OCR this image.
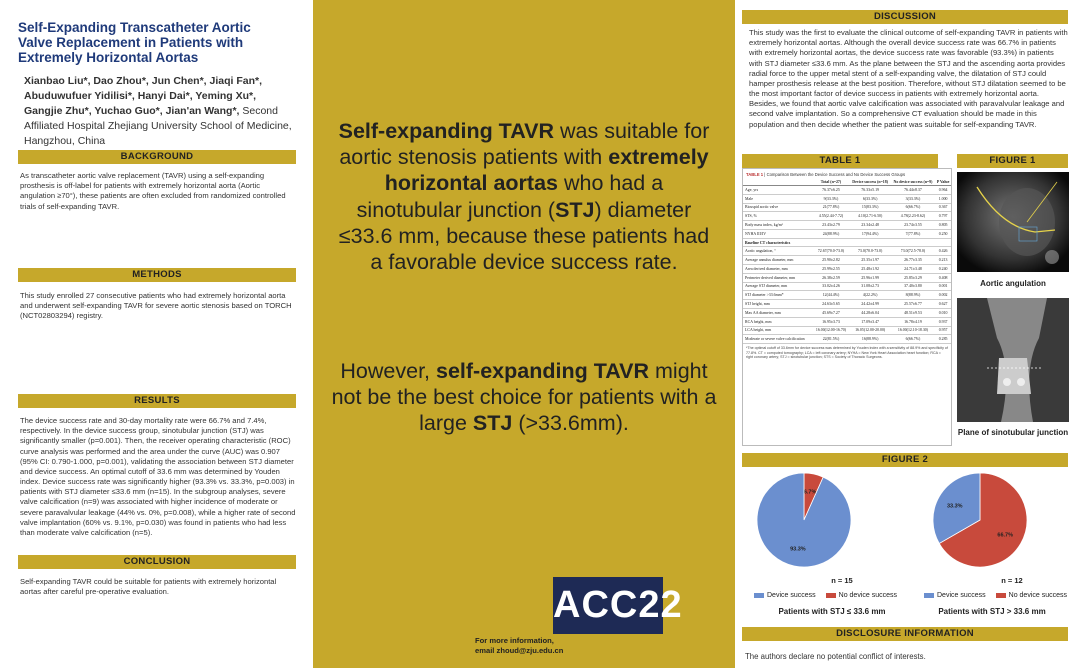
Self-Expanding Transcatheter Aortic Valve Replacement in Patients with Extremely Horizontal Aortas
Xianbao Liu*, Dao Zhou*, Jun Chen*, Jiaqi Fan*, Abuduwufuer Yidilisi*, Hanyi Dai*, Yeming Xu*, Gangjie Zhu*, Yuchao Guo*, Jian'an Wang*, Second Affiliated Hospital Zhejiang University School of Medicine, Hangzhou, China
BACKGROUND
As transcatheter aortic valve replacement (TAVR) using a self-expanding prosthesis is off-label for patients with extremely horizontal aorta (Aortic angulation ≥70°), these patients are often excluded from randomized controlled trials of self-expanding TAVR.
METHODS
This study enrolled 27 consecutive patients who had extremely horizontal aorta and underwent self-expanding TAVR for severe aortic stenosis based on TORCH (NCT02803294) registry.
RESULTS
The device success rate and 30-day mortality rate were 66.7% and 7.4%, respectively. In the device success group, sinotubular junction (STJ) was significantly smaller (p=0.001). Then, the receiver operating characteristic (ROC) curve analysis was performed and the area under the curve (AUC) was 0.907 (95% CI: 0.790-1.000, p=0.001), validating the association between STJ diameter and device success. An optimal cutoff of 33.6 mm was determined by Youden index. Device success rate was significantly higher (93.3% vs. 33.3%, p=0.003) in patients with STJ diameter ≤33.6 mm (n=15). In the subgroup analyses, severe valve calcification (n=9) was associated with higher incidence of moderate or severe paravalvular leakage (44% vs. 0%, p=0.008), while a higher rate of second valve implantation (60% vs. 9.1%, p=0.030) was found in patients who had less than moderate valve calcification (n=5).
CONCLUSION
Self-expanding TAVR could be suitable for patients with extremely horizontal aortas after careful pre-operative evaluation.
Self-expanding TAVR was suitable for aortic stenosis patients with extremely horizontal aortas who had a sinotubular junction (STJ) diameter ≤33.6 mm, because these patients had a favorable device success rate.
However, self-expanding TAVR might not be the best choice for patients with a large STJ (>33.6mm).
ACC22
For more information,
email zhoud@zju.edu.cn
DISCUSSION
This study was the first to evaluate the clinical outcome of self-expanding TAVR in patients with extremely horizontal aortas. Although the overall device success rate was 66.7% in patients with extremely horizontal aortas, the device success rate was favorable (93.3%) in patients with STJ diameter ≤33.6 mm. As the plane between the STJ and the ascending aorta provides radial force to the upper metal stent of a self-expanding valve, the dilatation of STJ could hamper prosthesis release at the best position. Therefore, without STJ dilatation seemed to be the most important factor of device success in patients with extremely horizontal aorta. Besides, we found that aortic valve calcification was associated with paravalvular leakage and second valve implantation. So a comprehensive CT evaluation should be made in this population and then decide whether the patient was suitable for self-expanding TAVR.
TABLE 1	FIGURE 1
TABLE 1 | Comparison Between the Device Success and No Device Success Groups
	Total (n=27)	Device success (n=18)	No device success (n=9)	P Value
Age, yrs	76.37±6.25	76.33±5.19	76.44±8.37	0.964
Male	9(33.3%)	6(33.3%)	3(33.3%)	1.000
Bicuspid aortic valve	21(77.8%)	15(83.3%)	6(66.7%)	0.367
STS, %	4.55(2.44-7.72)	4.10(2.71-6.50)	4.78(2.23-8.62)	0.797
Body mass index, kg/m²	23.43±2.79	23.34±2.48	23.74±3.55	0.805
NYHA III/IV	24(88.9%)	17(94.4%)	7(77.8%)	0.250
Baseline CT characteristics				
Aortic angulation, °	72.67(70.0-73.0)	73.0(70.0-73.0)	73.0(72.5-78.0)	0.426
Average annulus diameter, mm	25.90±2.82	25.35±1.97	26.77±3.35	0.213
Area derived diameter, mm	25.99±2.55	25.48±1.92	24.71±3.48	0.240
Perimeter derived diameter, mm	26.38±2.59	25.96±1.99	25.85±3.29	0.408
Average STJ diameter, mm	33.02±4.26	31.08±2.73	37.40±3.80	0.001
STJ diameter >33.6mm*	12(44.4%)	4(22.2%)	8(88.9%)	0.002
STJ height, mm	24.63±5.65	24.42±4.99	25.57±6.77	0.627
Max AA diameter, mm	45.69±7.27	44.28±6.04	48.51±9.53	0.010
RCA height, mm	16.95±3.73	17.09±3.47	16.78±4.19	0.937
LCA height, mm	16.00(12.00-16.70)	16.05(12.00-20.00)	16.00(12.10-18.30)	0.957
Moderate or severe valve calcification	22(81.5%)	16(88.9%)	6(66.7%)	0.285
*The optimal cutoff of 33.6mm for device success was determined by Youden index with a sensitivity of 88.9% and specificity of 77.8%. CT = computed tomography; LCA = left coronary artery; NYHA = New York Heart Association heart function; RCA = right coronary artery; STJ = sinotubular junction; STS = Society of Thoracic Surgeons.
Aortic angulation
Plane of sinotubular junction
FIGURE 2
6.7%
93.3%
66.7%
33.3%
n = 15	n = 12
Device success	No device success	Device success	No device success
Patients with STJ ≤ 33.6 mm	Patients with STJ > 33.6 mm
DISCLOSURE INFORMATION
The authors declare no potential conflict of interests.
